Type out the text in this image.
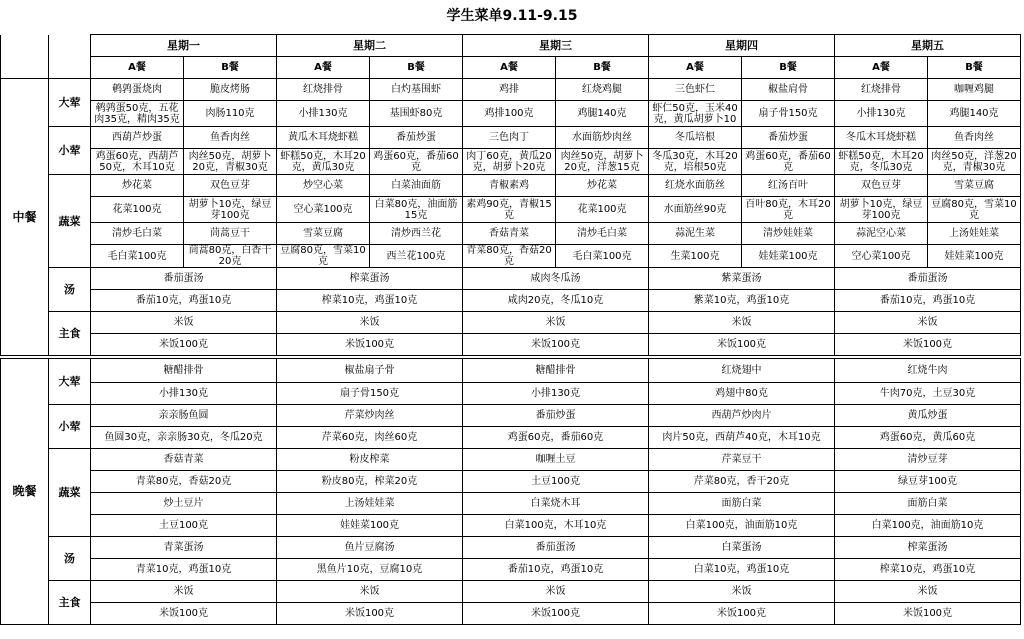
学生菜单9.11-9.15
		星期一		星期二		星期三		星期四		星期五	
		A餐	B餐	A餐	B餐	A餐	B餐	A餐	B餐	A餐	B餐
中餐	大荤	鹌鹑蛋烧肉	脆皮烤肠	红烧排骨	白灼基围虾	鸡排	红烧鸡腿	三色虾仁	椒盐肩骨	红烧排骨	咖喱鸡腿
		鹌鹑蛋50克，五花肉35克，精肉35克	肉肠110克	小排130克	基围虾80克	鸡排100克	鸡腿140克	虾仁50克，玉米40克，黄瓜胡萝卜10	扇子骨150克	小排130克	鸡腿140克
	小荤	西葫芦炒蛋	鱼香肉丝	黄瓜木耳烧虾糕	番茄炒蛋	三色肉丁	水面筋炒肉丝	冬瓜培根	番茄炒蛋	冬瓜木耳烧虾糕	鱼香肉丝
		鸡蛋60克，西葫芦50克，木耳10克	肉丝50克，胡萝卜20克，青椒30克	虾糕50克，木耳20克，黄瓜30克	鸡蛋60克，番茄60克	肉丁60克，黄瓜20克，胡萝卜20克	肉丝50克，胡萝卜20克，洋葱15克	冬瓜30克，木耳20克，培根50克	鸡蛋60克，番茄60克	虾糕50克，木耳20克，冬瓜30克	肉丝50克，洋葱20克，青椒30克
	蔬菜	炒花菜	双色豆芽	炒空心菜	白菜油面筋	青椒素鸡	炒花菜	红烧水面筋丝	红汤百叶	双色豆芽	雪菜豆腐
		花菜100克	胡萝卜10克，绿豆芽100克	空心菜100克	白菜80克，油面筋15克	素鸡90克，青椒15克	花菜100克	水面筋丝90克	百叶80克，木耳20克	胡萝卜10克，绿豆芽100克	豆腐80克，雪菜10克
		清炒毛白菜	茼蒿豆干	雪菜豆腐	清炒西兰花	香菇青菜	清炒毛白菜	蒜泥生菜	清炒娃娃菜	蒜泥空心菜	上汤娃娃菜
		毛白菜100克	茼蒿80克，白香干20克	豆腐80克，雪菜10克	西兰花100克	青菜80克，香菇20克	毛白菜100克	生菜100克	娃娃菜100克	空心菜100克	娃娃菜100克
	汤	番茄蛋汤		榨菜蛋汤		咸肉冬瓜汤		紫菜蛋汤		番茄蛋汤	
		番茄10克，鸡蛋10克		榨菜10克，鸡蛋10克		咸肉20克，冬瓜10克		紫菜10克，鸡蛋10克		番茄10克，鸡蛋10克	
	主食	米饭		米饭		米饭		米饭		米饭	
		米饭100克		米饭100克		米饭100克		米饭100克		米饭100克	
晚餐	大荤	糖醋排骨	椒盐扇子骨	糖醋排骨	红烧翅中	红烧牛肉
		小排130克	扇子骨150克	小排130克	鸡翅中80克	牛肉70克，土豆30克
	小荤	亲亲肠鱼圆	芹菜炒肉丝	番茄炒蛋	西葫芦炒肉片	黄瓜炒蛋
		鱼圆30克，亲亲肠30克，冬瓜20克	芹菜60克，肉丝60克	鸡蛋60克，番茄60克	肉片50克，西葫芦40克，木耳10克	鸡蛋60克，黄瓜60克
	蔬菜	香菇青菜	粉皮榨菜	咖喱土豆	芹菜豆干	清炒豆芽
		青菜80克，香菇20克	粉皮80克，榨菜20克	土豆100克	芹菜80克，香干20克	绿豆芽100克
		炒土豆片	上汤娃娃菜	白菜烧木耳	面筋白菜	面筋白菜
		土豆100克	娃娃菜100克	白菜100克，木耳10克	白菜100克，油面筋10克	白菜100克，油面筋10克
	汤	青菜蛋汤	鱼片豆腐汤	番茄蛋汤	白菜蛋汤	榨菜蛋汤
		青菜10克，鸡蛋10克	黑鱼片10克，豆腐10克	番茄10克，鸡蛋10克	白菜10克，鸡蛋10克	榨菜10克，鸡蛋10克
	主食	米饭	米饭	米饭	米饭	米饭
		米饭100克	米饭100克	米饭100克	米饭100克	米饭100克
